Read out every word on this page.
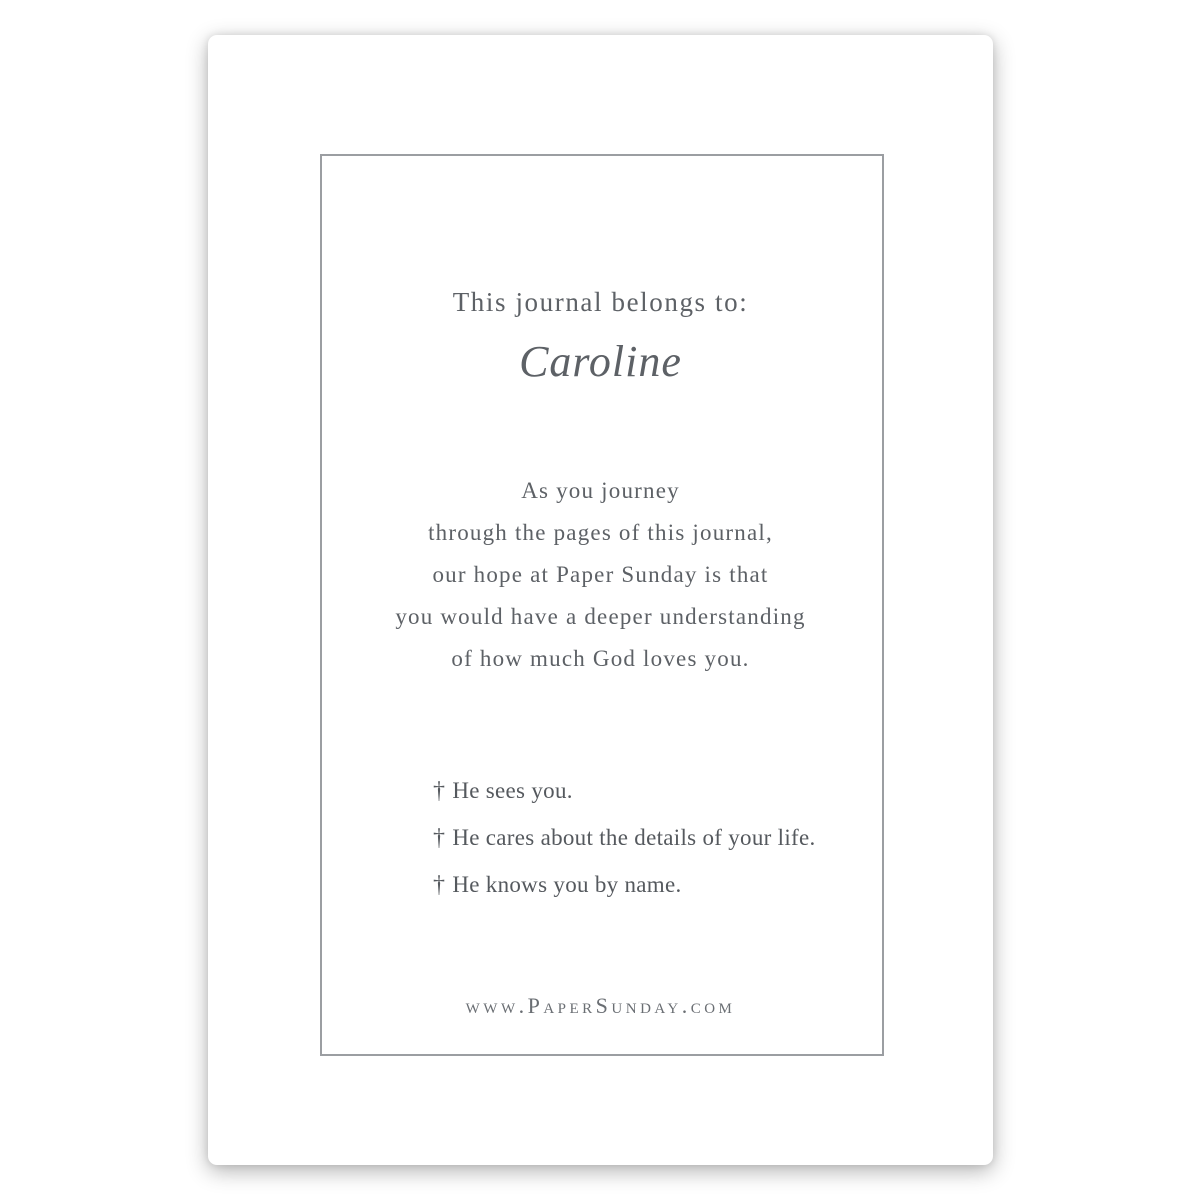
This journal belongs to:
Caroline
As you journey
through the pages of this journal,
our hope at Paper Sunday is that
you would have a deeper understanding
of how much God loves you.
† He sees you.
† He cares about the details of your life.
† He knows you by name.
www.PaperSunday.com
